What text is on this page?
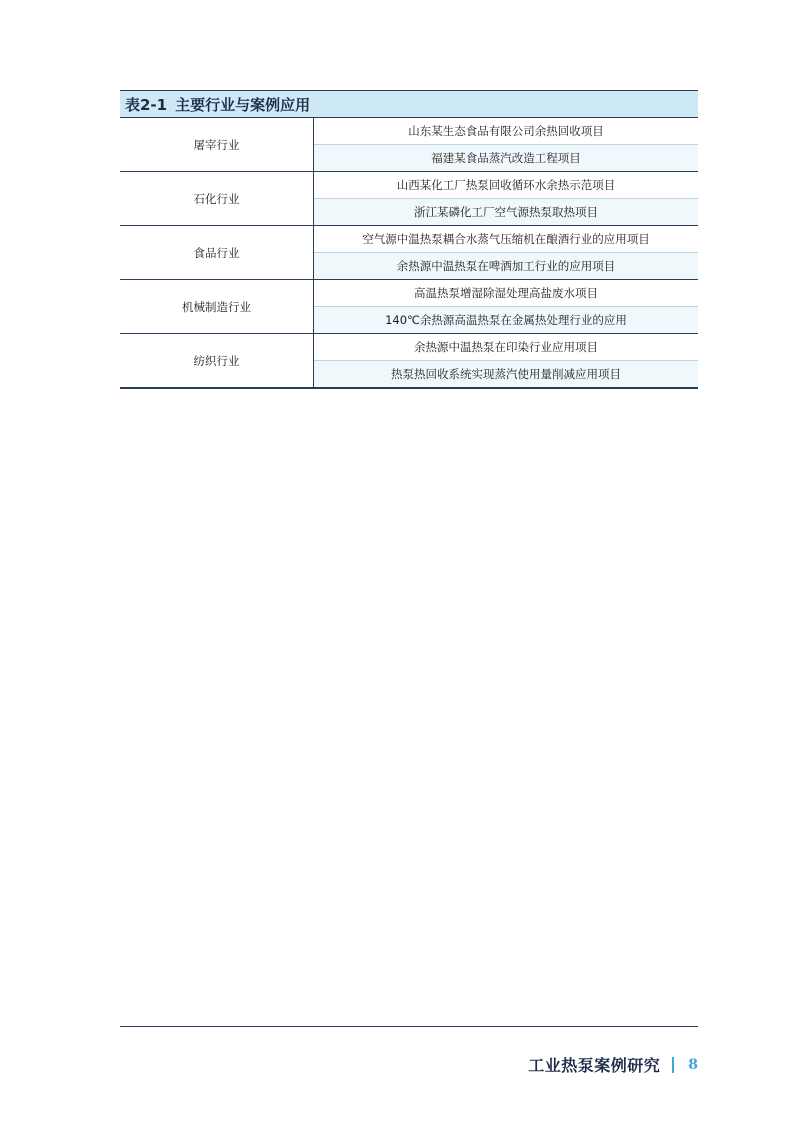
表2-1 主要行业与案例应用
屠宰行业	山东某生态食品有限公司余热回收项目
	福建某食品蒸汽改造工程项目
石化行业	山西某化工厂热泵回收循环水余热示范项目
	浙江某磷化工厂空气源热泵取热项目
食品行业	空气源中温热泵耦合水蒸气压缩机在酿酒行业的应用项目
	余热源中温热泵在啤酒加工行业的应用项目
机械制造行业	高温热泵增湿除湿处理高盐废水项目
	140℃余热源高温热泵在金属热处理行业的应用
纺织行业	余热源中温热泵在印染行业应用项目
	热泵热回收系统实现蒸汽使用量削减应用项目
工业热泵案例研究 8
